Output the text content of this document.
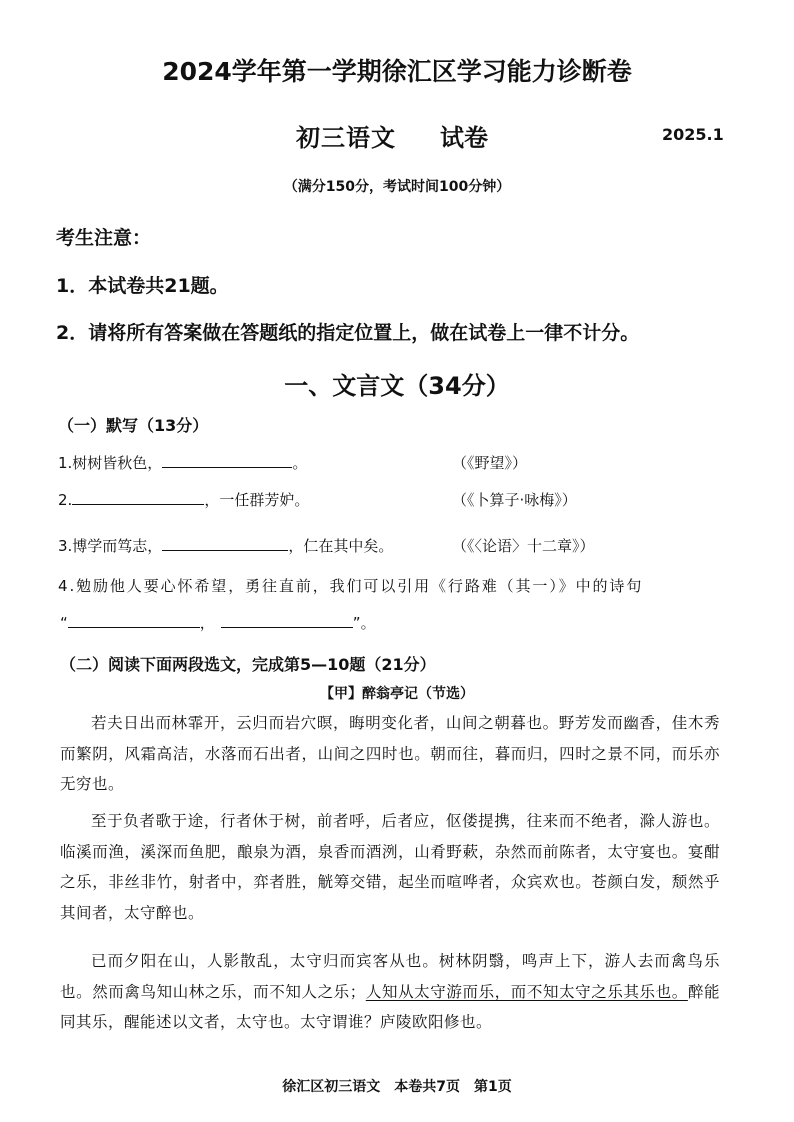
2024学年第一学期徐汇区学习能力诊断卷
初三语文 试卷	2025.1
（满分150分，考试时间100分钟）
考生注意：
1．本试卷共21题。
2．请将所有答案做在答题纸的指定位置上，做在试卷上一律不计分。
一、文言文（34分）
（一）默写（13分）
1.树树皆秋色，	。	（《野望》）
2.	，一任群芳妒。	（《卜算子·咏梅》）
3.博学而笃志，	，仁在其中矣。	（《〈论语〉十二章》）
4.勉励他人要心怀希望，勇往直前，我们可以引用《行路难（其一）》中的诗句
“	，	”。
（二）阅读下面两段选文，完成第5—10题（21分）
【甲】醉翁亭记（节选）

若夫日出而林霏开，云归而岩穴暝，晦明变化者，山间之朝暮也。野芳发而幽香，佳木秀而繁阴，风霜高洁，水落而石出者，山间之四时也。朝而往，暮而归，四时之景不同，而乐亦无穷也。

至于负者歌于途，行者休于树，前者呼，后者应，伛偻提携，往来而不绝者，滁人游也。临溪而渔，溪深而鱼肥，酿泉为酒，泉香而酒洌，山肴野蔌，杂然而前陈者，太守宴也。宴酣之乐，非丝非竹，射者中，弈者胜，觥筹交错，起坐而喧哗者，众宾欢也。苍颜白发，颓然乎其间者，太守醉也。

已而夕阳在山，人影散乱，太守归而宾客从也。树林阴翳，鸣声上下，游人去而禽鸟乐也。然而禽鸟知山林之乐，而不知人之乐；人知从太守游而乐，而不知太守之乐其乐也。醉能同其乐，醒能述以文者，太守也。太守谓谁？庐陵欧阳修也。

徐汇区初三语文　本卷共7页　第1页
